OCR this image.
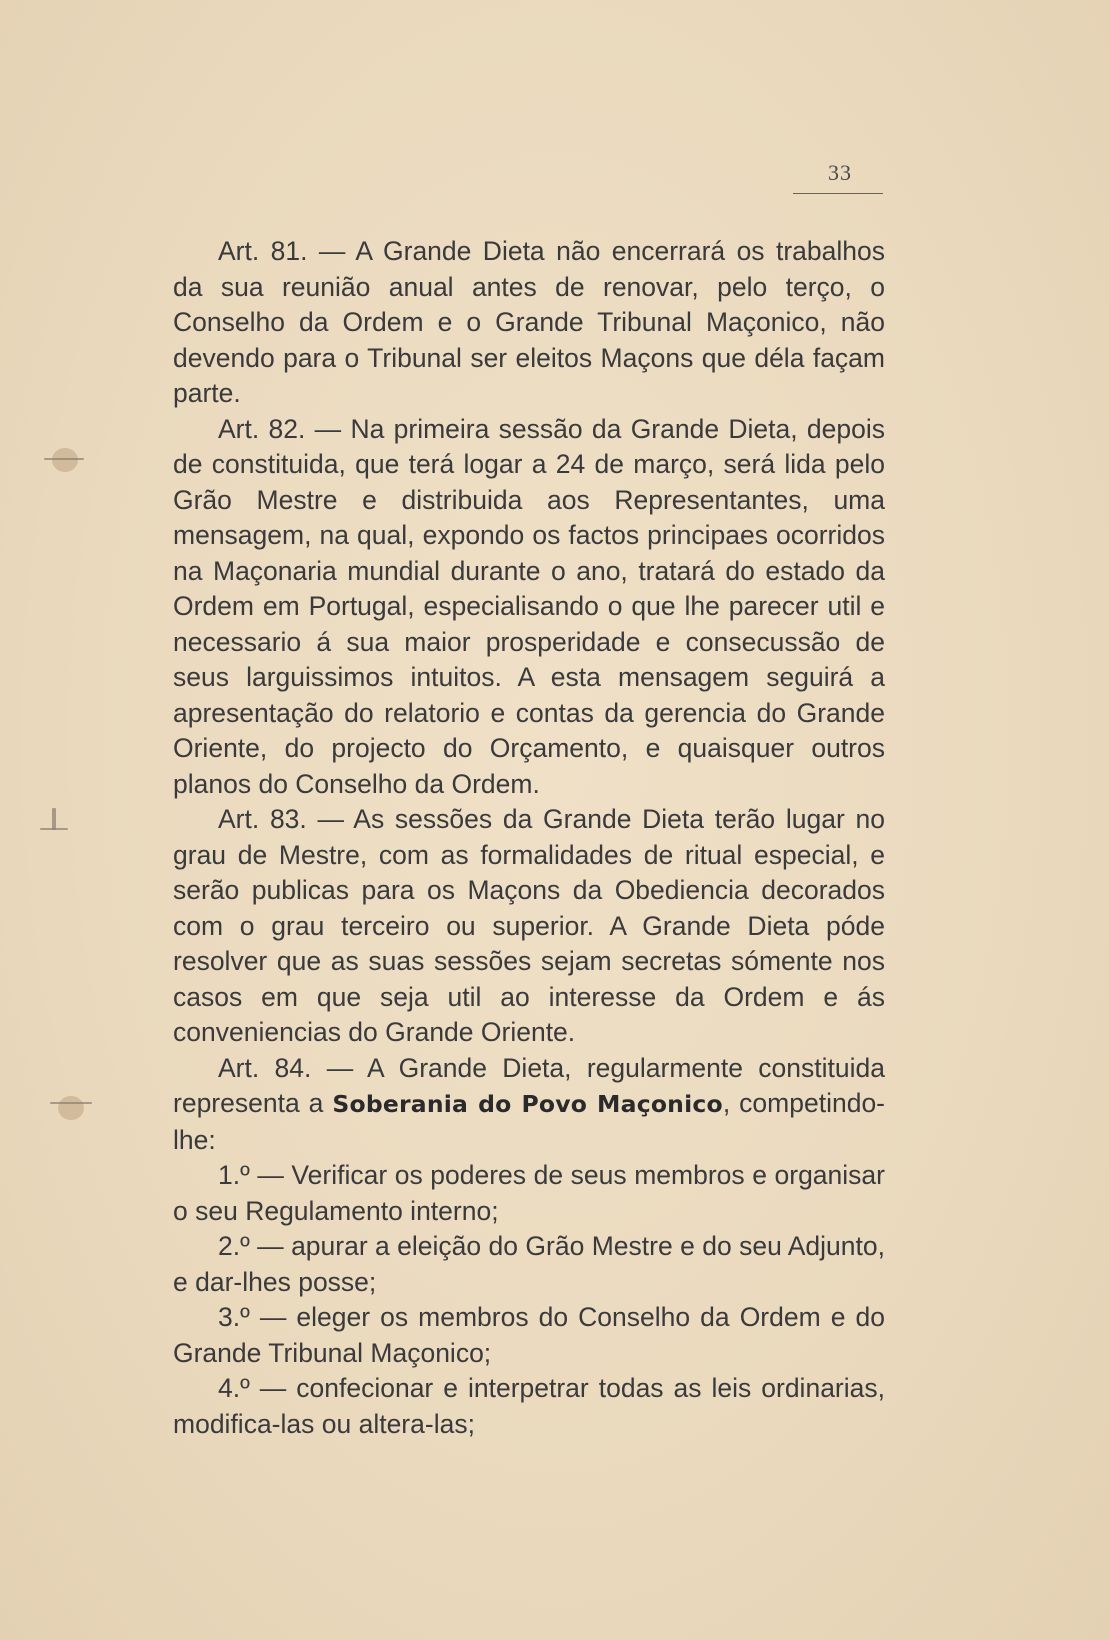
33

Art. 81. — A Grande Dieta não encerrará os trabalhos da sua reunião anual antes de renovar, pelo terço, o Conselho da Ordem e o Grande Tribunal Maçonico, não devendo para o Tribunal ser eleitos Maçons que déla façam parte.

Art. 82. — Na primeira sessão da Grande Dieta, depois de constituida, que terá logar a 24 de março, será lida pelo Grão Mestre e distribuida aos Representantes, uma mensagem, na qual, expondo os factos principaes ocorridos na Maçonaria mundial durante o ano, tratará do estado da Ordem em Portugal, especialisando o que lhe parecer util e necessario á sua maior prosperidade e consecussão de seus larguissimos intuitos. A esta mensagem seguirá a apresentação do relatorio e contas da gerencia do Grande Oriente, do projecto do Orçamento, e quaisquer outros planos do Conselho da Ordem.

Art. 83. — As sessões da Grande Dieta terão lugar no grau de Mestre, com as formalidades de ritual especial, e serão publicas para os Maçons da Obediencia decorados com o grau terceiro ou superior. A Grande Dieta póde resolver que as suas sessões sejam secretas sómente nos casos em que seja util ao interesse da Ordem e ás conveniencias do Grande Oriente.

Art. 84. — A Grande Dieta, regularmente constituida representa a Soberania do Povo Maçonico, competindo-lhe:

1.º — Verificar os poderes de seus membros e organisar o seu Regulamento interno;

2.º — apurar a eleição do Grão Mestre e do seu Adjunto, e dar-lhes posse;

3.º — eleger os membros do Conselho da Ordem e do Grande Tribunal Maçonico;

4.º — confecionar e interpetrar todas as leis ordinarias, modifica-las ou altera-las;
